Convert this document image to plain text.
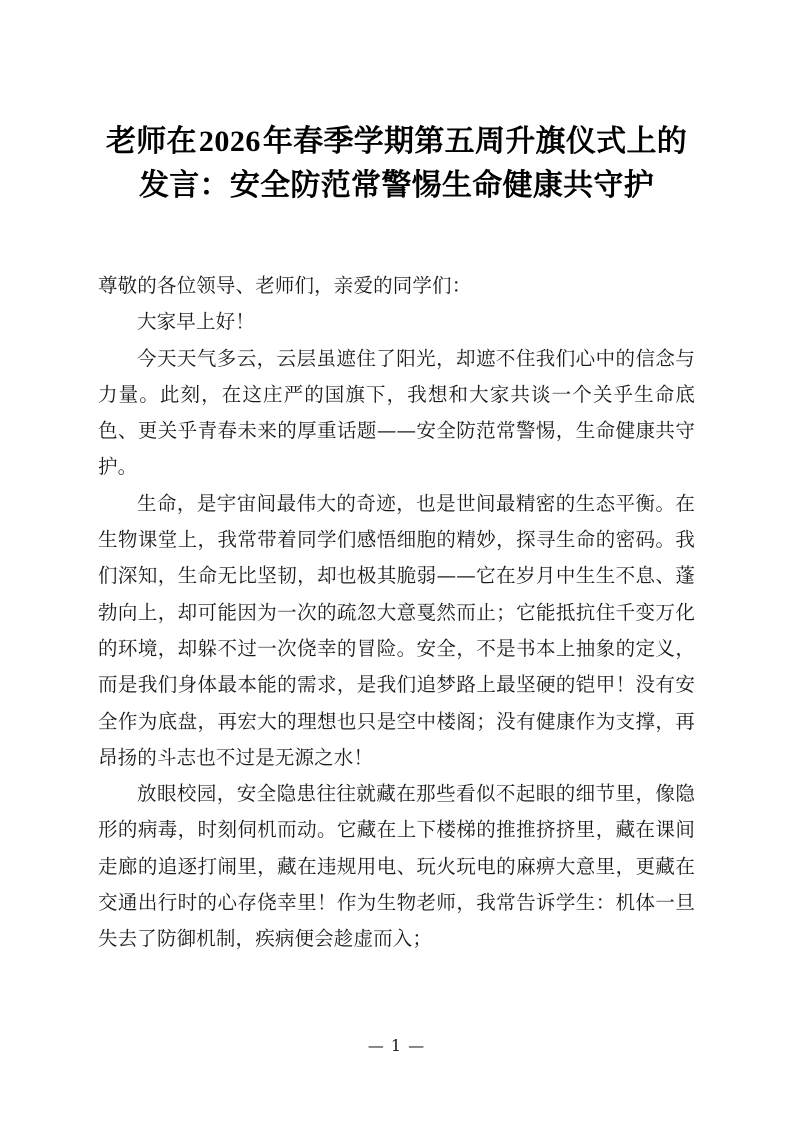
老师在2026年春季学期第五周升旗仪式上的发言：安全防范常警惕生命健康共守护

尊敬的各位领导、老师们，亲爱的同学们：

大家早上好！

今天天气多云，云层虽遮住了阳光，却遮不住我们心中的信念与力量。此刻，在这庄严的国旗下，我想和大家共谈一个关乎生命底色、更关乎青春未来的厚重话题——安全防范常警惕，生命健康共守护。

生命，是宇宙间最伟大的奇迹，也是世间最精密的生态平衡。在生物课堂上，我常带着同学们感悟细胞的精妙，探寻生命的密码。我们深知，生命无比坚韧，却也极其脆弱——它在岁月中生生不息、蓬勃向上，却可能因为一次的疏忽大意戛然而止；它能抵抗住千变万化的环境，却躲不过一次侥幸的冒险。安全，不是书本上抽象的定义，而是我们身体最本能的需求，是我们追梦路上最坚硬的铠甲！没有安全作为底盘，再宏大的理想也只是空中楼阁；没有健康作为支撑，再昂扬的斗志也不过是无源之水！

放眼校园，安全隐患往往就藏在那些看似不起眼的细节里，像隐形的病毒，时刻伺机而动。它藏在上下楼梯的推推挤挤里，藏在课间走廊的追逐打闹里，藏在违规用电、玩火玩电的麻痹大意里，更藏在交通出行时的心存侥幸里！作为生物老师，我常告诉学生：机体一旦失去了防御机制，疾病便会趁虚而入；

— 1 —
